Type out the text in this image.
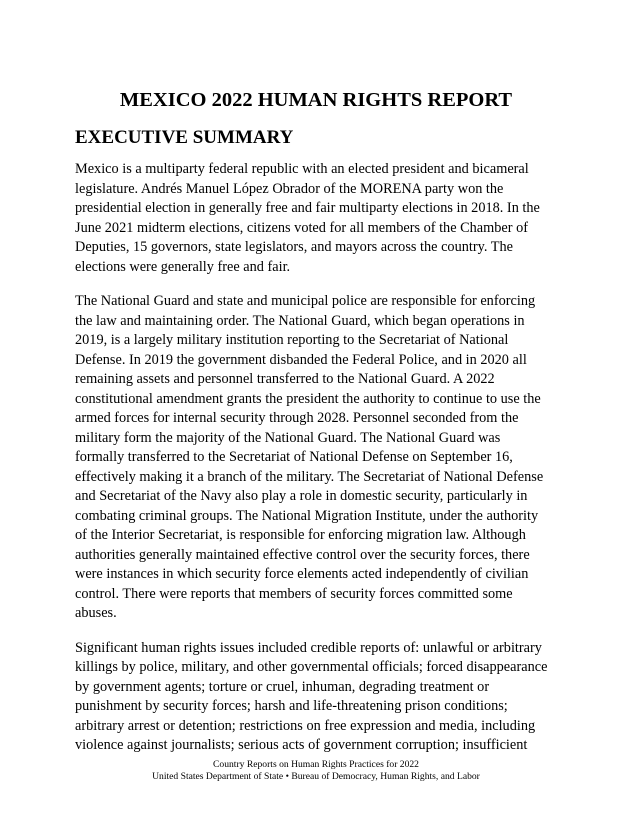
MEXICO 2022 HUMAN RIGHTS REPORT
EXECUTIVE SUMMARY

Mexico is a multiparty federal republic with an elected president and bicameral
legislature. Andrés Manuel López Obrador of the MORENA party won the
presidential election in generally free and fair multiparty elections in 2018. In the
June 2021 midterm elections, citizens voted for all members of the Chamber of
Deputies, 15 governors, state legislators, and mayors across the country. The
elections were generally free and fair.

The National Guard and state and municipal police are responsible for enforcing
the law and maintaining order. The National Guard, which began operations in
2019, is a largely military institution reporting to the Secretariat of National
Defense. In 2019 the government disbanded the Federal Police, and in 2020 all
remaining assets and personnel transferred to the National Guard. A 2022
constitutional amendment grants the president the authority to continue to use the
armed forces for internal security through 2028. Personnel seconded from the
military form the majority of the National Guard. The National Guard was
formally transferred to the Secretariat of National Defense on September 16,
effectively making it a branch of the military. The Secretariat of National Defense
and Secretariat of the Navy also play a role in domestic security, particularly in
combating criminal groups. The National Migration Institute, under the authority
of the Interior Secretariat, is responsible for enforcing migration law. Although
authorities generally maintained effective control over the security forces, there
were instances in which security force elements acted independently of civilian
control. There were reports that members of security forces committed some
abuses.

Significant human rights issues included credible reports of: unlawful or arbitrary
killings by police, military, and other governmental officials; forced disappearance
by government agents; torture or cruel, inhuman, degrading treatment or
punishment by security forces; harsh and life-threatening prison conditions;
arbitrary arrest or detention; restrictions on free expression and media, including
violence against journalists; serious acts of government corruption; insufficient

Country Reports on Human Rights Practices for 2022
United States Department of State • Bureau of Democracy, Human Rights, and Labor
